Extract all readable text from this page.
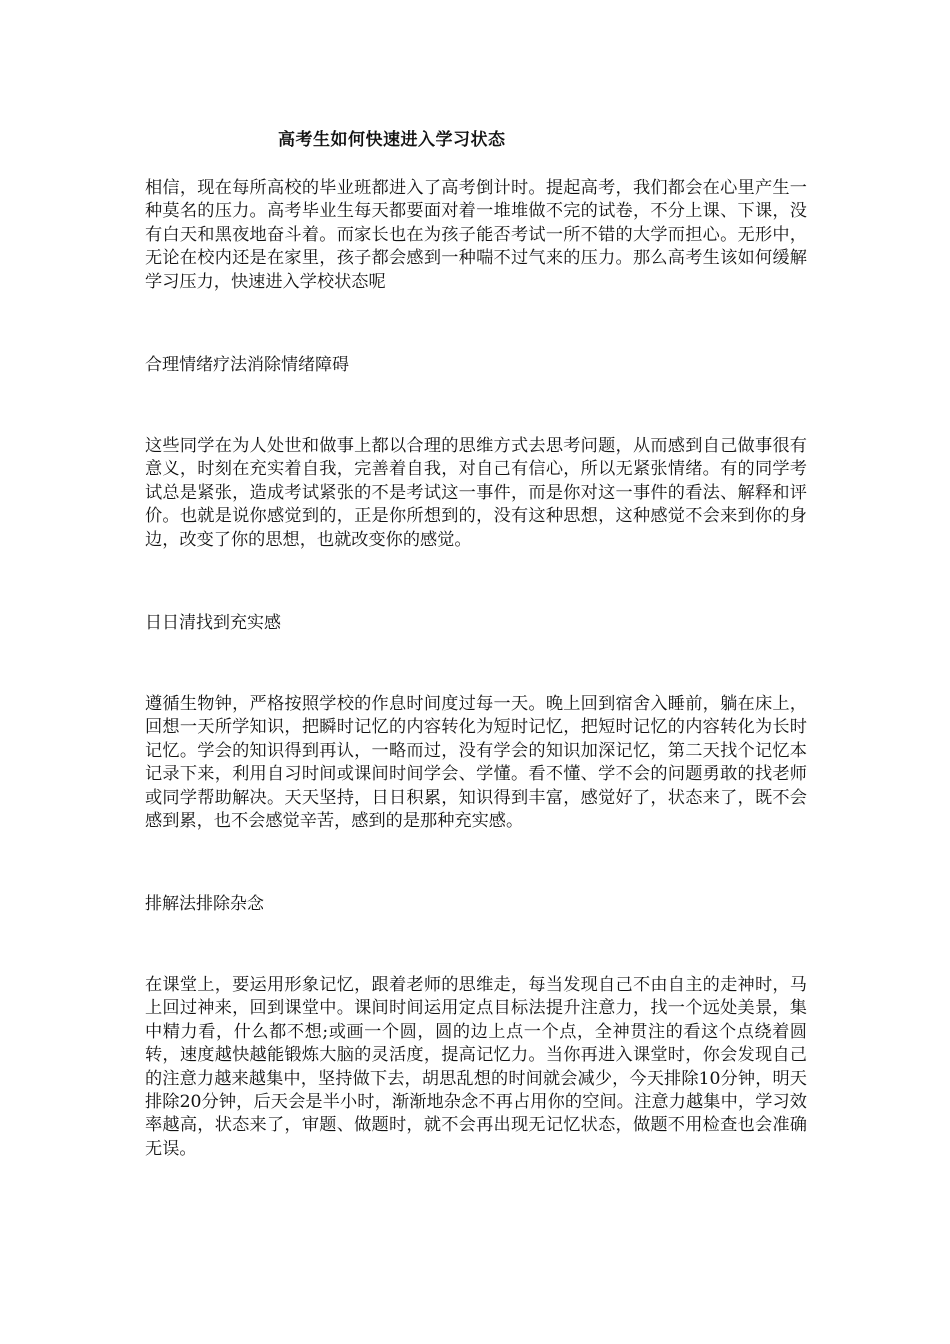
高考生如何快速进入学习状态

相信，现在每所高校的毕业班都进入了高考倒计时。提起高考，我们都会在心里产生一种莫名的压力。高考毕业生每天都要面对着一堆堆做不完的试卷，不分上课、下课，没有白天和黑夜地奋斗着。而家长也在为孩子能否考试一所不错的大学而担心。无形中，无论在校内还是在家里，孩子都会感到一种喘不过气来的压力。那么高考生该如何缓解学习压力，快速进入学校状态呢

合理情绪疗法消除情绪障碍

这些同学在为人处世和做事上都以合理的思维方式去思考问题，从而感到自己做事很有意义，时刻在充实着自我，完善着自我，对自己有信心，所以无紧张情绪。有的同学考试总是紧张，造成考试紧张的不是考试这一事件，而是你对这一事件的看法、解释和评价。也就是说你感觉到的，正是你所想到的，没有这种思想，这种感觉不会来到你的身边，改变了你的思想，也就改变你的感觉。

日日清找到充实感

遵循生物钟，严格按照学校的作息时间度过每一天。晚上回到宿舍入睡前，躺在床上，回想一天所学知识，把瞬时记忆的内容转化为短时记忆，把短时记忆的内容转化为长时记忆。学会的知识得到再认，一略而过，没有学会的知识加深记忆，第二天找个记忆本记录下来，利用自习时间或课间时间学会、学懂。看不懂、学不会的问题勇敢的找老师或同学帮助解决。天天坚持，日日积累，知识得到丰富，感觉好了，状态来了，既不会感到累，也不会感觉辛苦，感到的是那种充实感。

排解法排除杂念

在课堂上，要运用形象记忆，跟着老师的思维走，每当发现自己不由自主的走神时，马上回过神来，回到课堂中。课间时间运用定点目标法提升注意力，找一个远处美景，集中精力看，什么都不想;或画一个圆，圆的边上点一个点，全神贯注的看这个点绕着圆转，速度越快越能锻炼大脑的灵活度，提高记忆力。当你再进入课堂时，你会发现自己的注意力越来越集中，坚持做下去，胡思乱想的时间就会减少，今天排除10分钟，明天排除20分钟，后天会是半小时，渐渐地杂念不再占用你的空间。注意力越集中，学习效率越高，状态来了，审题、做题时，就不会再出现无记忆状态，做题不用检查也会准确无误。
